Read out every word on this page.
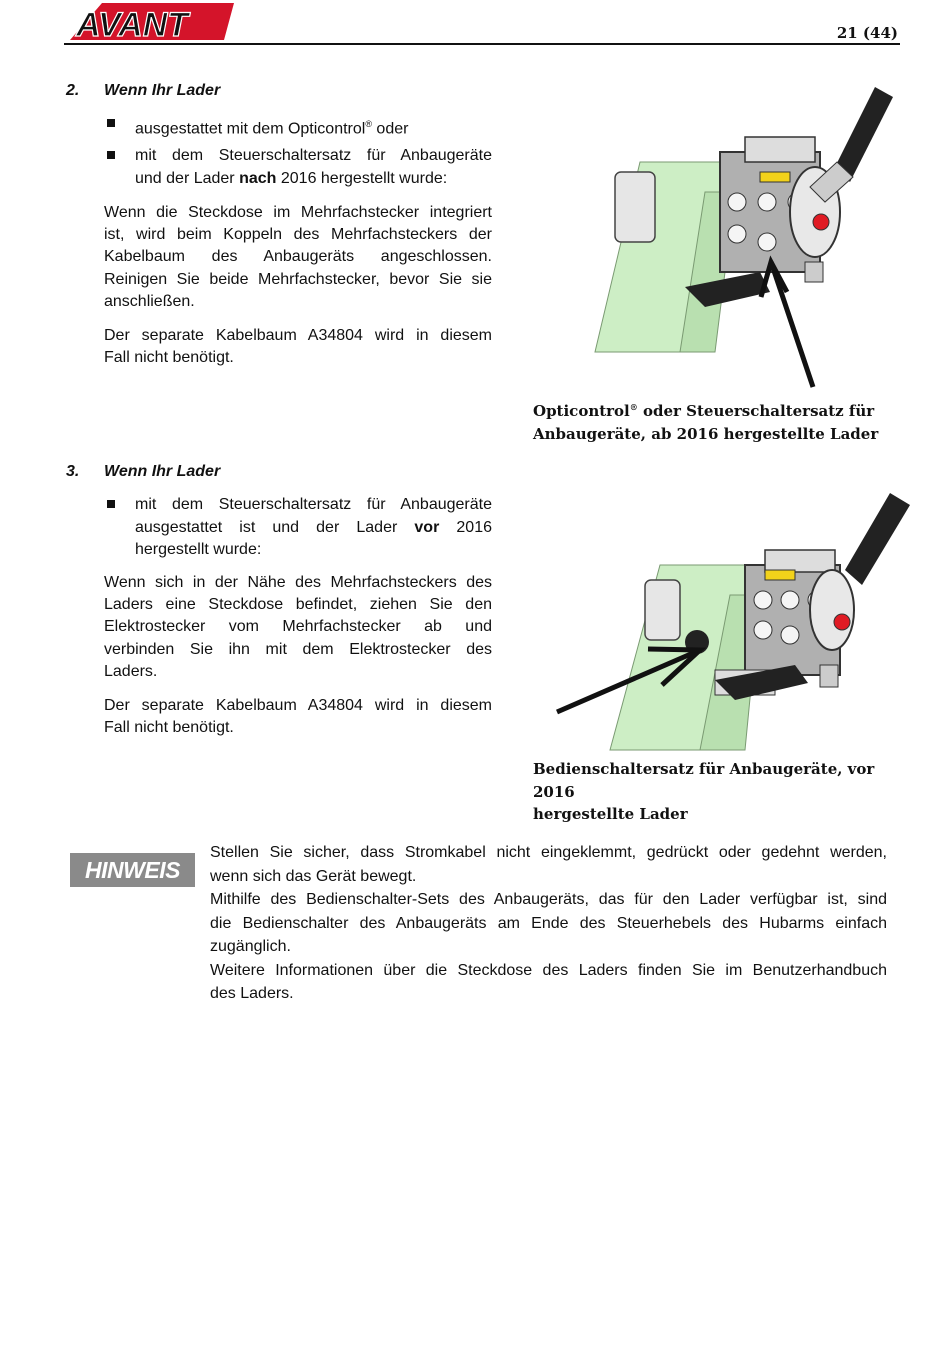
AVANT	21 (44)
2. Wenn Ihr Lader
ausgestattet mit dem Opticontrol® oder
mit dem Steuerschaltersatz für Anbaugeräte
und der Lader nach 2016 hergestellt wurde:
Wenn die Steckdose im Mehrfachstecker integriert
ist, wird beim Koppeln des Mehrfachsteckers der
Kabelbaum des Anbaugeräts angeschlossen.
Reinigen Sie beide Mehrfachstecker, bevor Sie sie
anschließen.
Der separate Kabelbaum A34804 wird in diesem
Fall nicht benötigt.
Opticontrol® oder Steuerschaltersatz für
Anbaugeräte, ab 2016 hergestellte Lader
3. Wenn Ihr Lader
mit dem Steuerschaltersatz für Anbaugeräte
ausgestattet ist und der Lader vor 2016
hergestellt wurde:
Wenn sich in der Nähe des Mehrfachsteckers des
Laders eine Steckdose befindet, ziehen Sie den
Elektrostecker vom Mehrfachstecker ab und
verbinden Sie ihn mit dem Elektrostecker des
Laders.
Der separate Kabelbaum A34804 wird in diesem
Fall nicht benötigt.
Bedienschaltersatz für Anbaugeräte, vor 2016
hergestellte Lader
HINWEIS
Stellen Sie sicher, dass Stromkabel nicht eingeklemmt, gedrückt oder gedehnt werden,
wenn sich das Gerät bewegt.
Mithilfe des Bedienschalter-Sets des Anbaugeräts, das für den Lader verfügbar ist, sind
die Bedienschalter des Anbaugeräts am Ende des Steuerhebels des Hubarms einfach
zugänglich.
Weitere Informationen über die Steckdose des Laders finden Sie im Benutzerhandbuch
des Laders.
